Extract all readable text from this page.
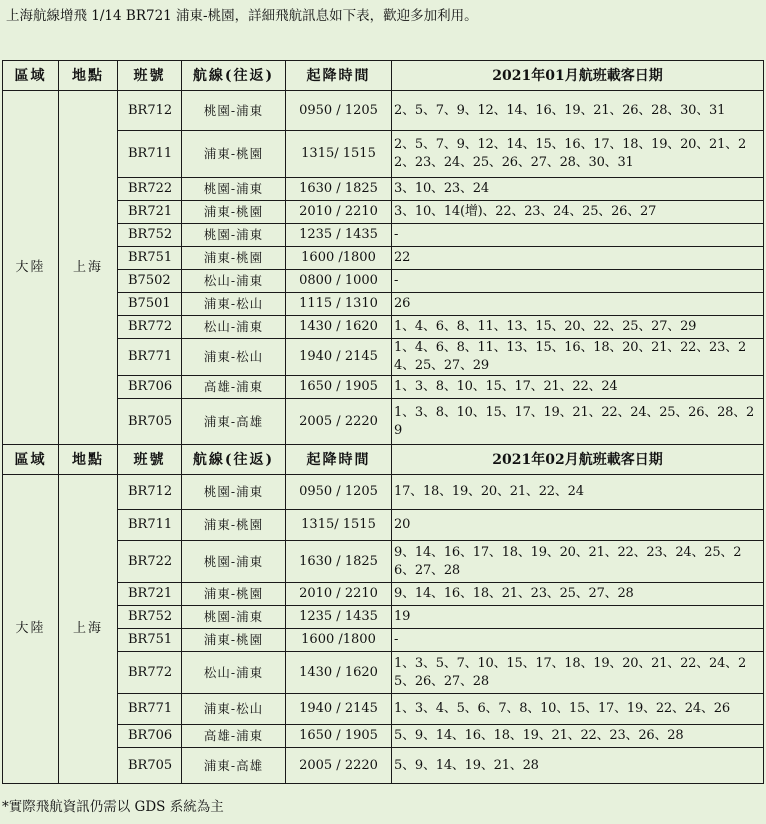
上海航線增飛 1/14 BR721 浦東-桃園，詳細飛航訊息如下表，歡迎多加利用。
區域	地點	班號	航線(往返)	起降時間	2021年01月航班載客日期
大陸	上海	BR712	桃園-浦東	0950 / 1205	2、5、7、9、12、14、16、19、21、26、28、30、31
		BR711	浦東-桃園	1315/ 1515	2、5、7、9、12、14、15、16、17、18、19、20、21、22、23、24、25、26、27、28、30、31
		BR722	桃園-浦東	1630 / 1825	3、10、23、24
		BR721	浦東-桃園	2010 / 2210	3、10、14(增)、22、23、24、25、26、27
		BR752	桃園-浦東	1235 / 1435	-
		BR751	浦東-桃園	1600 /1800	22
		B7502	松山-浦東	0800 / 1000	-
		B7501	浦東-松山	1115 / 1310	26
		BR772	松山-浦東	1430 / 1620	1、4、6、8、11、13、15、20、22、25、27、29
		BR771	浦東-松山	1940 / 2145	1、4、6、8、11、13、15、16、18、20、21、22、23、24、25、27、29
		BR706	高雄-浦東	1650 / 1905	1、3、8、10、15、17、21、22、24
		BR705	浦東-高雄	2005 / 2220	1、3、8、10、15、17、19、21、22、24、25、26、28、29
區域	地點	班號	航線(往返)	起降時間	2021年02月航班載客日期
大陸	上海	BR712	桃園-浦東	0950 / 1205	17、18、19、20、21、22、24
		BR711	浦東-桃園	1315/ 1515	20
		BR722	桃園-浦東	1630 / 1825	9、14、16、17、18、19、20、21、22、23、24、25、26、27、28
		BR721	浦東-桃園	2010 / 2210	9、14、16、18、21、23、25、27、28
		BR752	桃園-浦東	1235 / 1435	19
		BR751	浦東-桃園	1600 /1800	-
		BR772	松山-浦東	1430 / 1620	1、3、5、7、10、15、17、18、19、20、21、22、24、25、26、27、28
		BR771	浦東-松山	1940 / 2145	1、3、4、5、6、7、8、10、15、17、19、22、24、26
		BR706	高雄-浦東	1650 / 1905	5、9、14、16、18、19、21、22、23、26、28
		BR705	浦東-高雄	2005 / 2220	5、9、14、19、21、28
*實際飛航資訊仍需以 GDS 系統為主
